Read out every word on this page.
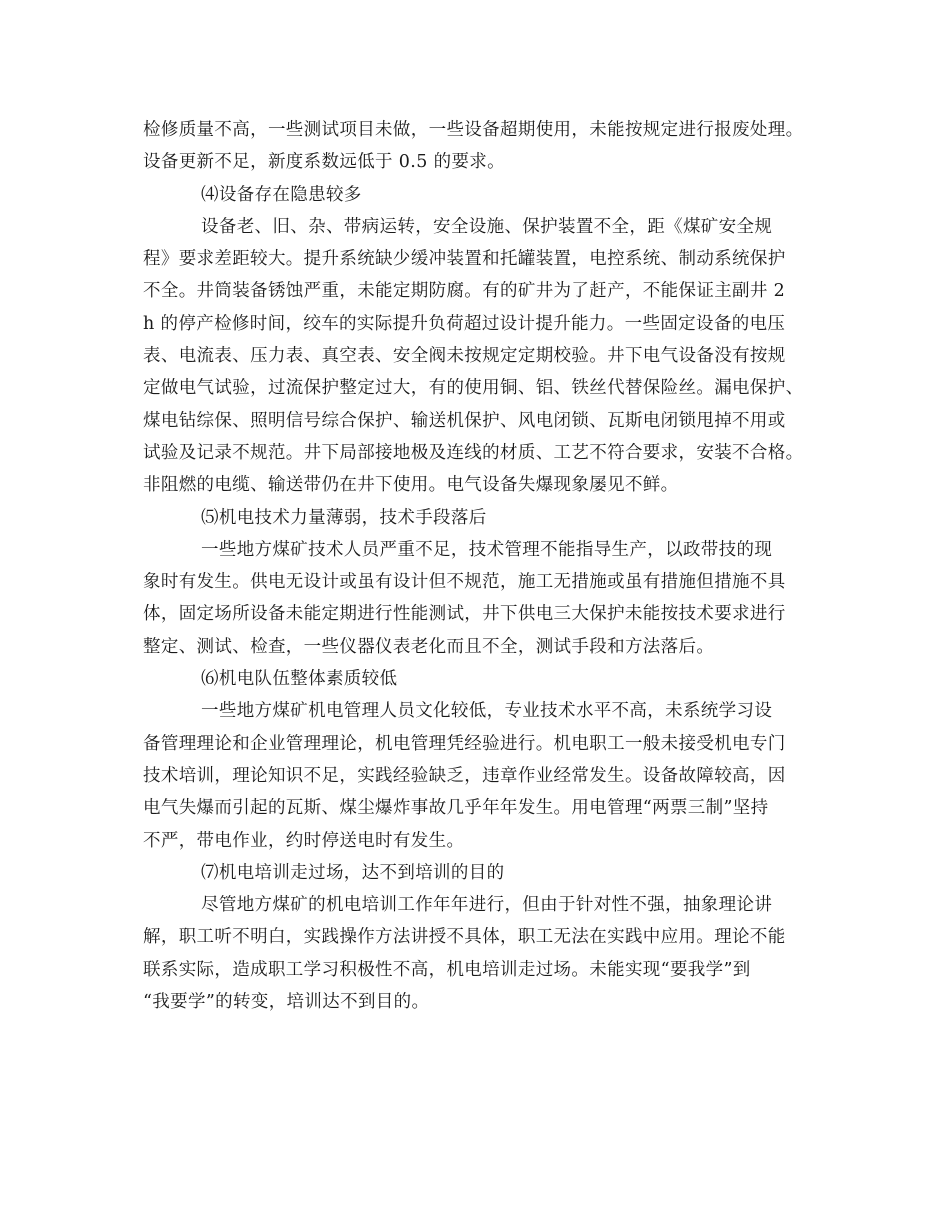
检修质量不高，一些测试项目未做，一些设备超期使用，未能按规定进行报废处理。
设备更新不足，新度系数远低于 0.5 的要求。
⑷设备存在隐患较多
设备老、旧、杂、带病运转，安全设施、保护装置不全，距《煤矿安全规
程》要求差距较大。提升系统缺少缓冲装置和托罐装置，电控系统、制动系统保护
不全。井筒装备锈蚀严重，未能定期防腐。有的矿井为了赶产，不能保证主副井 2
h 的停产检修时间，绞车的实际提升负荷超过设计提升能力。一些固定设备的电压
表、电流表、压力表、真空表、安全阀未按规定定期校验。井下电气设备没有按规
定做电气试验，过流保护整定过大，有的使用铜、铝、铁丝代替保险丝。漏电保护、
煤电钻综保、照明信号综合保护、输送机保护、风电闭锁、瓦斯电闭锁甩掉不用或
试验及记录不规范。井下局部接地极及连线的材质、工艺不符合要求，安装不合格。
非阻燃的电缆、输送带仍在井下使用。电气设备失爆现象屡见不鲜。
⑸机电技术力量薄弱，技术手段落后
一些地方煤矿技术人员严重不足，技术管理不能指导生产，以政带技的现
象时有发生。供电无设计或虽有设计但不规范，施工无措施或虽有措施但措施不具
体，固定场所设备未能定期进行性能测试，井下供电三大保护未能按技术要求进行
整定、测试、检查，一些仪器仪表老化而且不全，测试手段和方法落后。
⑹机电队伍整体素质较低
一些地方煤矿机电管理人员文化较低，专业技术水平不高，未系统学习设
备管理理论和企业管理理论，机电管理凭经验进行。机电职工一般未接受机电专门
技术培训，理论知识不足，实践经验缺乏，违章作业经常发生。设备故障较高，因
电气失爆而引起的瓦斯、煤尘爆炸事故几乎年年发生。用电管理“两票三制”坚持
不严，带电作业，约时停送电时有发生。
⑺机电培训走过场，达不到培训的目的
尽管地方煤矿的机电培训工作年年进行，但由于针对性不强，抽象理论讲
解，职工听不明白，实践操作方法讲授不具体，职工无法在实践中应用。理论不能
联系实际，造成职工学习积极性不高，机电培训走过场。未能实现“要我学”到
“我要学”的转变，培训达不到目的。
